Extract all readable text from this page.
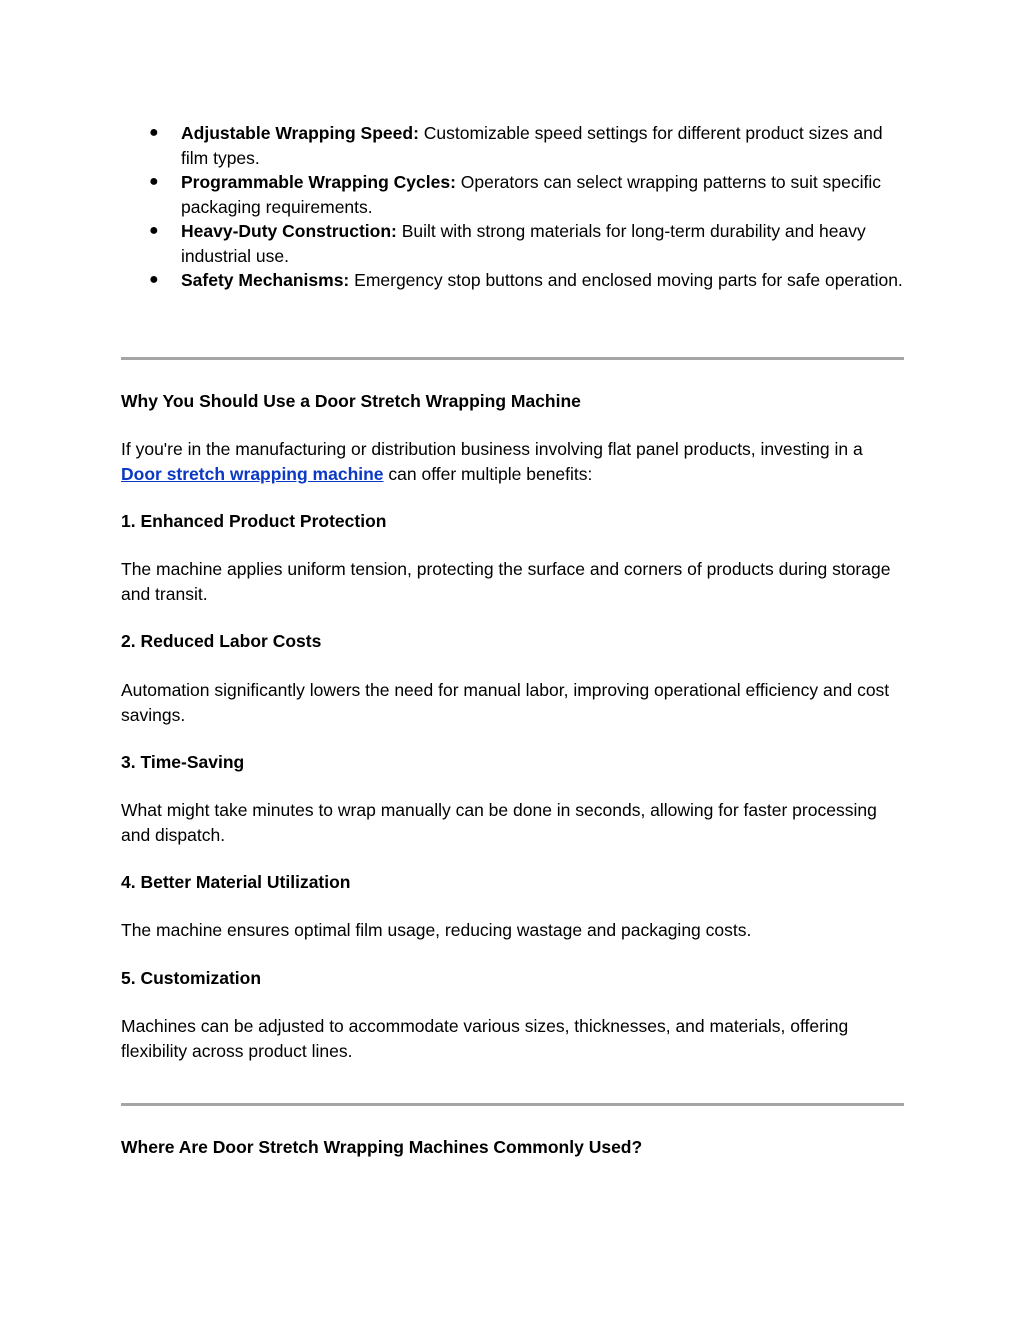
● Adjustable Wrapping Speed: Customizable speed settings for different product sizes and film types.
● Programmable Wrapping Cycles: Operators can select wrapping patterns to suit specific packaging requirements.
● Heavy-Duty Construction: Built with strong materials for long-term durability and heavy industrial use.
● Safety Mechanisms: Emergency stop buttons and enclosed moving parts for safe operation.
Why You Should Use a Door Stretch Wrapping Machine
If you're in the manufacturing or distribution business involving flat panel products, investing in a Door stretch wrapping machine can offer multiple benefits:
1. Enhanced Product Protection
The machine applies uniform tension, protecting the surface and corners of products during storage and transit.
2. Reduced Labor Costs
Automation significantly lowers the need for manual labor, improving operational efficiency and cost savings.
3. Time-Saving
What might take minutes to wrap manually can be done in seconds, allowing for faster processing and dispatch.
4. Better Material Utilization
The machine ensures optimal film usage, reducing wastage and packaging costs.
5. Customization
Machines can be adjusted to accommodate various sizes, thicknesses, and materials, offering flexibility across product lines.
Where Are Door Stretch Wrapping Machines Commonly Used?
